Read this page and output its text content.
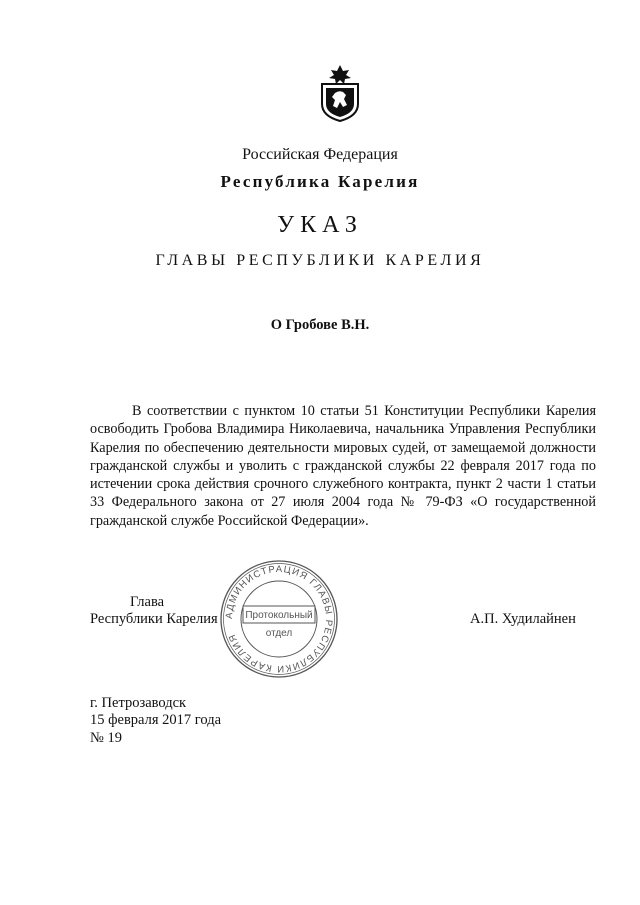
Российская Федерация
Республика Карелия
УКАЗ
ГЛАВЫ РЕСПУБЛИКИ КАРЕЛИЯ
О Гробове В.Н.
В соответствии с пунктом 10 статьи 51 Конституции Республики Карелия освободить Гробова Владимира Николаевича, начальника Управления Республики Карелия по обеспечению деятельности мировых судей, от замещаемой должности гражданской службы и уволить с гражданской службы 22 февраля 2017 года по истечении срока действия срочного служебного контракта, пункт 2 части 1 статьи 33 Федерального закона от 27 июля 2004 года № 79-ФЗ «О государственной гражданской службе Российской Федерации».
Глава
Республики Карелия	А.П. Худилайнен
АДМИНИСТРАЦИЯ ГЛАВЫ РЕСПУБЛИКИ КАРЕЛИЯ
Протокольный
отдел
г. Петрозаводск
15 февраля 2017 года
№ 19
